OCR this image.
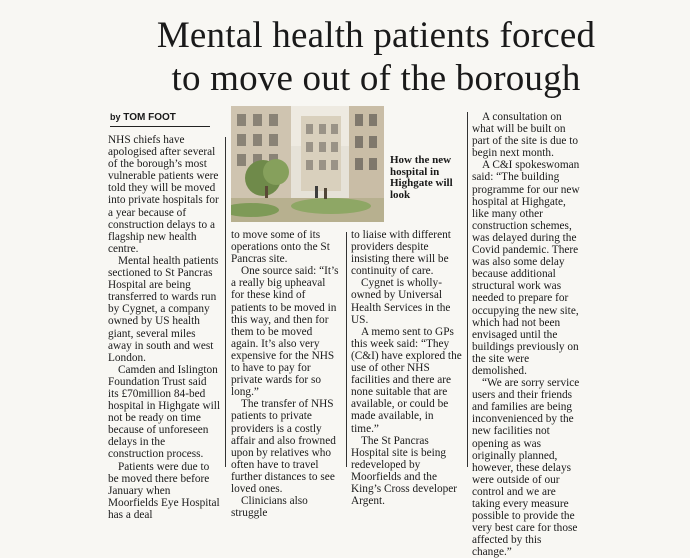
Mental health patients forced
to move out of the borough
by TOM FOOT
How the new hospital in Highgate will look

NHS chiefs have apologised after several of the borough’s most vulnerable patients were told they will be moved into private hospitals for a year because of construction delays to a flagship new health centre.

Mental health patients sectioned to St Pancras Hospital are being transferred to wards run by Cygnet, a company owned by US health giant, several miles away in south and west London.

Camden and Islington Foundation Trust said its £70million 84-bed hospital in Highgate will not be ready on time because of unforeseen delays in the construction process.

Patients were due to be moved there before January when Moorfields Eye Hospital has a deal

to move some of its operations onto the St Pancras site.

One source said: “It’s a really big upheaval for these kind of patients to be moved in this way, and then for them to be moved again. It’s also very expensive for the NHS to have to pay for private wards for so long.”

The transfer of NHS patients to private providers is a costly affair and also frowned upon by relatives who often have to travel further distances to see loved ones.

Clinicians also struggle

to liaise with different providers despite insisting there will be continuity of care.

Cygnet is wholly-owned by Universal Health Services in the US.

A memo sent to GPs this week said: “They (C&I) have explored the use of other NHS facilities and there are none suitable that are available, or could be made available, in time.”

The St Pancras Hospital site is being redeveloped by Moorfields and the King’s Cross developer Argent.

A consultation on what will be built on part of the site is due to begin next month.

A C&I spokeswoman said: “The building programme for our new hospital at Highgate, like many other construction schemes, was delayed during the Covid pandemic. There was also some delay because additional structural work was needed to prepare for occupying the new site, which had not been envisaged until the buildings previously on the site were demolished.

“We are sorry service users and their friends and families are being inconvenienced by the new facilities not opening as was originally planned, however, these delays were outside of our control and we are taking every measure possible to provide the very best care for those affected by this change.”
